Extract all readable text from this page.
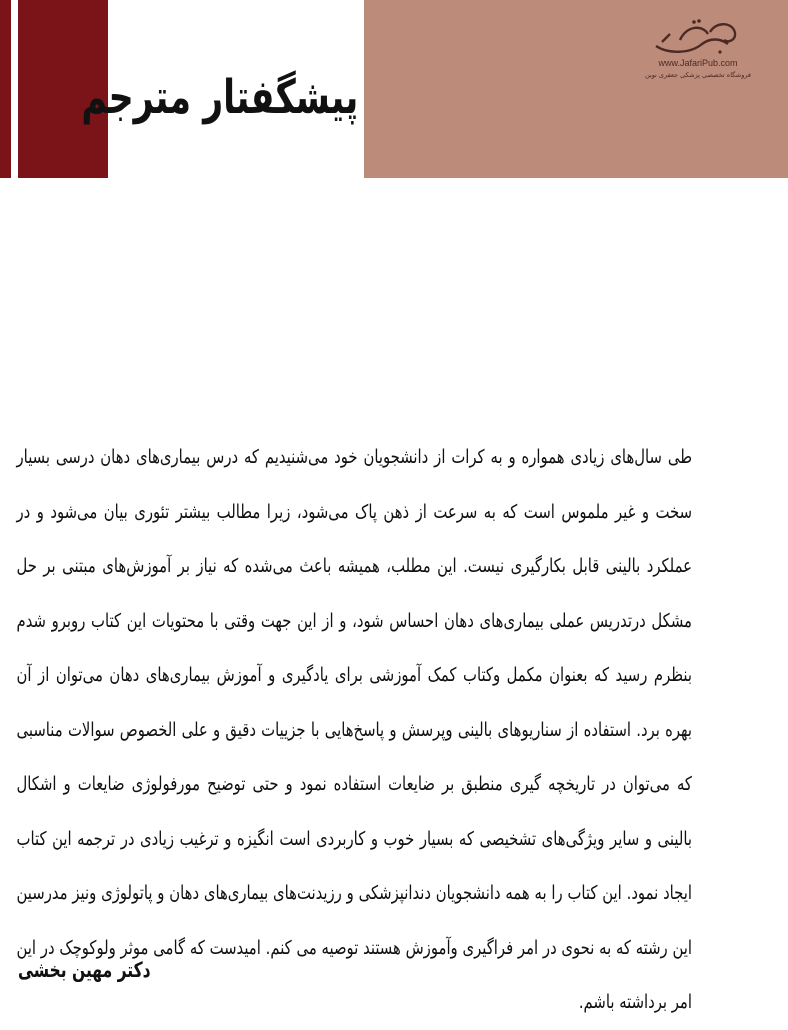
پیشگفتار مترجم
www.JafariPub.com
فروشگاه تخصصی پزشکی جعفری نوین

طی سال‌های زیادی همواره و به کرات از دانشجویان خود می‌شنیدیم که درس بیماری‌های دهان درسی بسیار سخت و غیر ملموس است که به سرعت از ذهن پاک می‌شود، زیرا مطالب بیشتر تئوری بیان می‌شود و در عملکرد بالینی قابل بکارگیری نیست. این مطلب، همیشه باعث می‌شده که نیاز بر آموزش‌های مبتنی بر حل مشکل درتدریس عملی بیماری‌های دهان احساس شود، و از این جهت وقتی با محتویات این کتاب روبرو شدم بنظرم رسید که بعنوان مکمل وکتاب کمک آموزشی برای یادگیری و آموزش بیماری‌های دهان می‌توان از آن بهره برد. استفاده از سناریوهای بالینی وپرسش و پاسخ‌هایی با جزییات دقیق و علی الخصوص سوالات مناسبی که می‌توان در تاریخچه گیری منطبق بر ضایعات استفاده نمود و حتی توضیح مورفولوژی ضایعات و اشکال بالینی و سایر ویژگی‌های تشخیصی که بسیار خوب و کاربردی است انگیزه و ترغیب زیادی در ترجمه این کتاب ایجاد نمود. این کتاب را به همه دانشجویان دندانپزشکی و رزیدنت‌های بیماری‌های دهان و پاتولوژی ونیز مدرسین این رشته که به نحوی در امر فراگیری وآموزش هستند توصیه می کنم. امیدست که گامی موثر ولوکوچک در این امر برداشته باشم.

دکتر مهین بخشی
